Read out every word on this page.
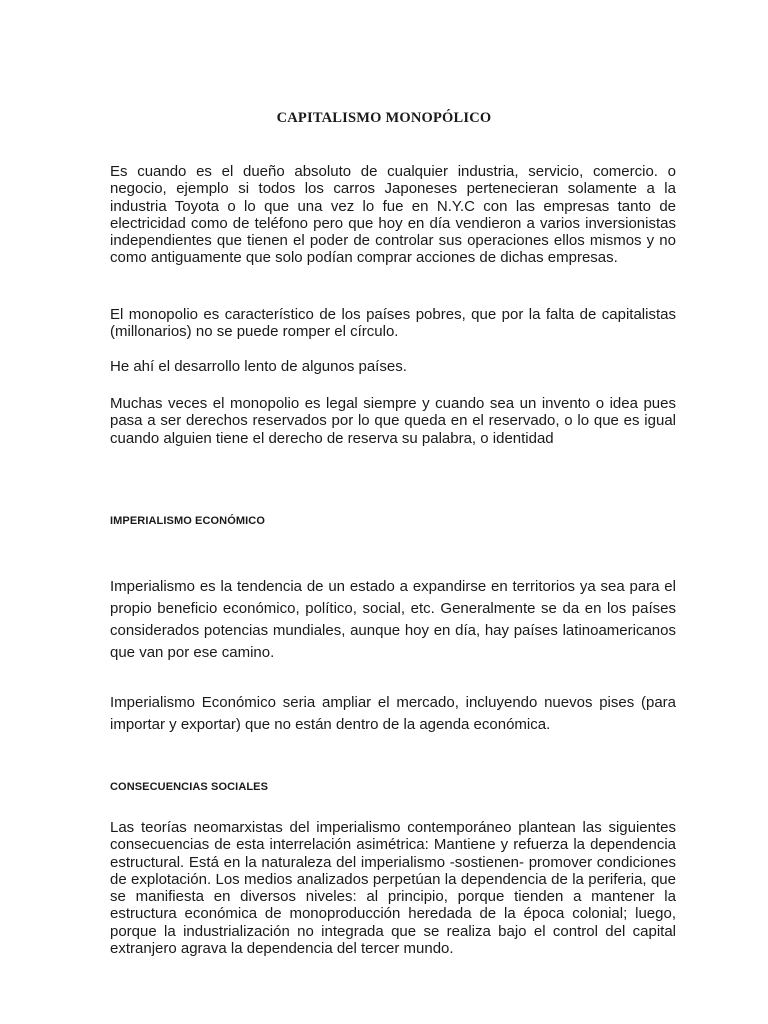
CAPITALISMO MONOPÓLICO

Es cuando es el dueño absoluto de cualquier industria, servicio, comercio. o negocio, ejemplo si todos los carros Japoneses pertenecieran solamente a la industria Toyota o lo que una vez lo fue en N.Y.C con las empresas tanto de electricidad como de teléfono pero que hoy en día vendieron a varios inversionistas independientes que tienen el poder de controlar sus operaciones ellos mismos y no como antiguamente que solo podían comprar acciones de dichas empresas.

El monopolio es característico de los países pobres, que por la falta de capitalistas (millonarios) no se puede romper el círculo.

He ahí el desarrollo lento de algunos países.

Muchas veces el monopolio es legal siempre y cuando sea un invento o idea pues pasa a ser derechos reservados por lo que queda en el reservado, o lo que es igual cuando alguien tiene el derecho de reserva su palabra, o identidad

IMPERIALISMO ECONÓMICO

Imperialismo es la tendencia de un estado a expandirse en territorios ya sea para el propio beneficio económico, político, social, etc. Generalmente se da en los países considerados potencias mundiales, aunque hoy en día, hay países latinoamericanos que van por ese camino.

Imperialismo Económico seria ampliar el mercado, incluyendo nuevos pises (para importar y exportar) que no están dentro de la agenda económica.

CONSECUENCIAS SOCIALES

Las teorías neomarxistas del imperialismo contemporáneo plantean las siguientes consecuencias de esta interrelación asimétrica: Mantiene y refuerza la dependencia estructural. Está en la naturaleza del imperialismo -sostienen- promover condiciones de explotación. Los medios analizados perpetúan la dependencia de la periferia, que se manifiesta en diversos niveles: al principio, porque tienden a mantener la estructura económica de monoproducción heredada de la época colonial; luego, porque la industrialización no integrada que se realiza bajo el control del capital extranjero agrava la dependencia del tercer mundo.
